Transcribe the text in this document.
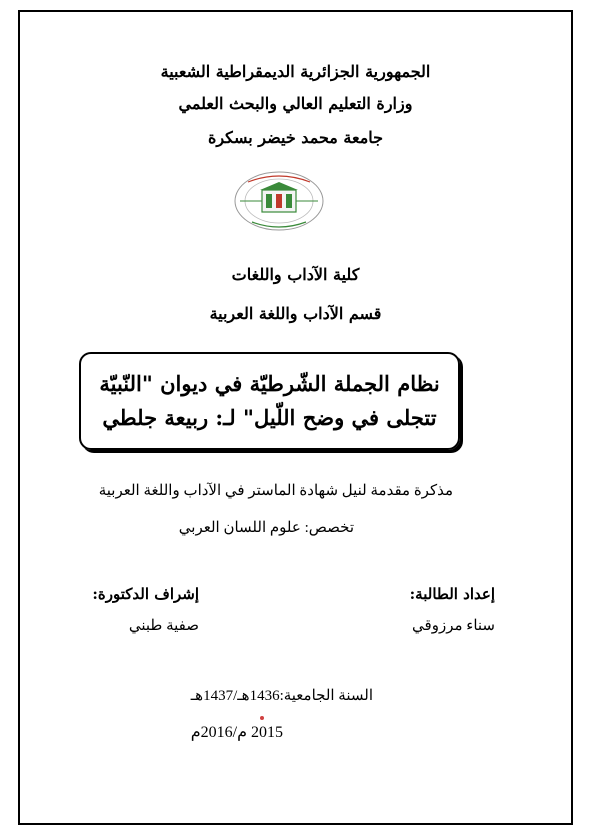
الجمهورية الجزائرية الديمقراطية الشعبية
وزارة التعليم العالي والبحث العلمي
جامعة محمد خيضر بسكرة
كلية الآداب واللغات
قسم الآداب واللغة العربية
نظام الجملة الشّرطيّة في ديوان "النّبيّة
تتجلى في وضح اللّيل" لـ: ربيعة جلطي
مذكرة مقدمة لنيل شهادة الماستر في الآداب واللغة العربية
تخصص: علوم اللسان العربي
إعداد الطالبة:
سناء مرزوقي
إشراف الدكتورة:
صفية طبني
السنة الجامعية:1436هـ/1437هـ
2015 م/2016م
